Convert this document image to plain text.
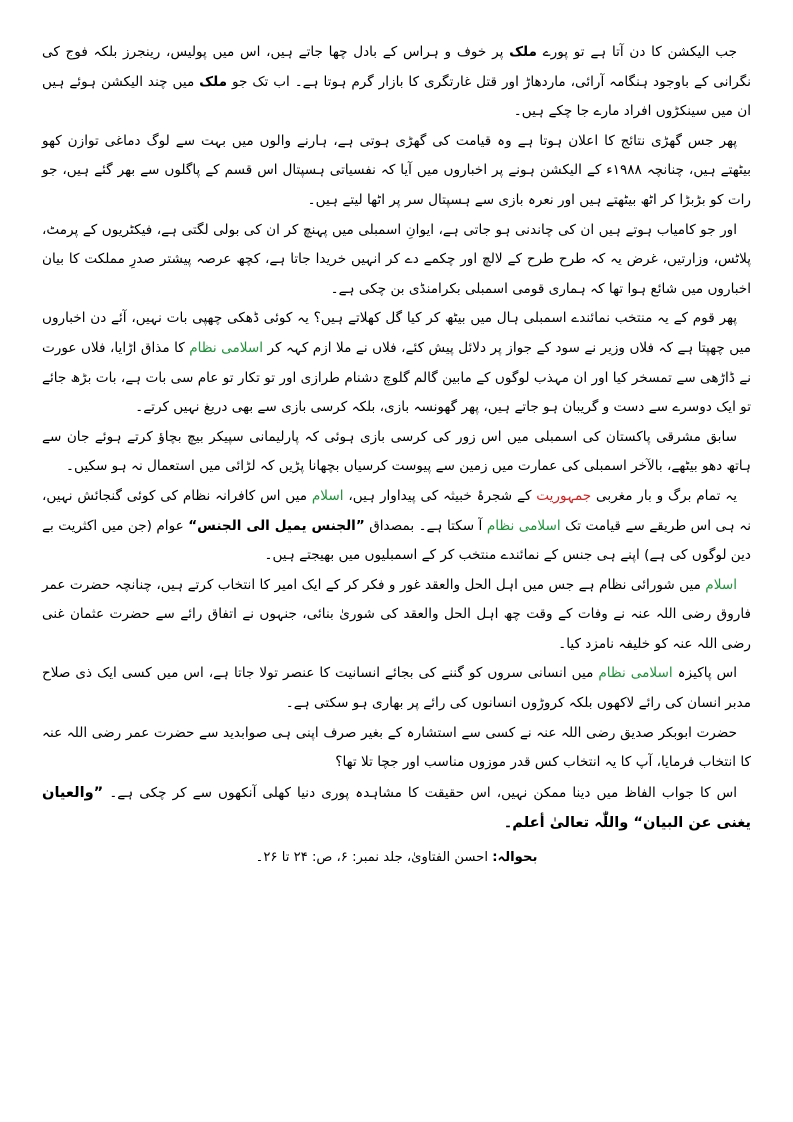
جب الیکشن کا دن آتا ہے تو پورے ملک پر خوف و ہراس کے بادل چھا جاتے ہیں، اس میں پولیس، رینجرز بلکہ فوج کی نگرانی کے باوجود ہنگامہ آرائی، ماردھاڑ اور قتل غارتگری کا بازار گرم ہوتا ہے۔ اب تک جو ملک میں چند الیکشن ہوئے ہیں ان میں سینکڑوں افراد مارے جا چکے ہیں۔

پھر جس گھڑی نتائج کا اعلان ہوتا ہے وہ قیامت کی گھڑی ہوتی ہے، ہارنے والوں میں بہت سے لوگ دماغی توازن کھو بیٹھتے ہیں، چنانچہ ۱۹۸۸ء کے الیکشن ہونے پر اخباروں میں آیا کہ نفسیاتی ہسپتال اس قسم کے پاگلوں سے بھر گئے ہیں، جو رات کو بڑبڑا کر اٹھ بیٹھتے ہیں اور نعرہ بازی سے ہسپتال سر پر اٹھا لیتے ہیں۔

اور جو کامیاب ہوتے ہیں ان کی چاندنی ہو جاتی ہے، ایوانِ اسمبلی میں پہنچ کر ان کی بولی لگتی ہے، فیکٹریوں کے پرمٹ، پلاٹس، وزارتیں، غرض یہ کہ طرح طرح کے لالچ اور چکمے دے کر انہیں خریدا جاتا ہے، کچھ عرصہ پیشتر صدرِ مملکت کا بیان اخباروں میں شائع ہوا تھا کہ ہماری قومی اسمبلی بکرامنڈی بن چکی ہے۔

پھر قوم کے یہ منتخب نمائندے اسمبلی ہال میں بیٹھ کر کیا گل کھلاتے ہیں؟ یہ کوئی ڈھکی چھپی بات نہیں، آئے دن اخباروں میں چھپتا ہے کہ فلاں وزیر نے سود کے جواز پر دلائل پیش کئے، فلاں نے ملا ازم کہہ کر اسلامی نظام کا مذاق اڑایا، فلاں عورت نے ڈاڑھی سے تمسخر کیا اور ان مہذب لوگوں کے مابین گالم گلوچ دشنام طرازی اور تو تکار تو عام سی بات ہے، بات بڑھ جائے تو ایک دوسرے سے دست و گریبان ہو جاتے ہیں، پھر گھونسہ بازی، بلکہ کرسی بازی سے بھی دریغ نہیں کرتے۔

سابق مشرقی پاکستان کی اسمبلی میں اس زور کی کرسی بازی ہوئی کہ پارلیمانی سپیکر بیچ بچاؤ کرتے ہوئے جان سے ہاتھ دھو بیٹھے، بالآخر اسمبلی کی عمارت میں زمین سے پیوست کرسیاں بچھانا پڑیں کہ لڑائی میں استعمال نہ ہو سکیں۔

یہ تمام برگ و بار مغربی جمہوریت کے شجرۂ خبیثہ کی پیداوار ہیں، اسلام میں اس کافرانہ نظام کی کوئی گنجائش نہیں، نہ ہی اس طریقے سے قیامت تک اسلامی نظام آ سکتا ہے۔ بمصداق ”الجنس یمیل الی الجنس“ عوام (جن میں اکثریت بے دین لوگوں کی ہے) اپنے ہی جنس کے نمائندے منتخب کر کے اسمبلیوں میں بھیجتے ہیں۔

اسلام میں شورائی نظام ہے جس میں اہل الحل والعقد غور و فکر کر کے ایک امیر کا انتخاب کرتے ہیں، چنانچہ حضرت عمر فاروق رضی اللہ عنہ نے وفات کے وقت چھ اہل الحل والعقد کی شوریٰ بنائی، جنہوں نے اتفاق رائے سے حضرت عثمان غنی رضی اللہ عنہ کو خلیفہ نامزد کیا۔

اس پاکیزہ اسلامی نظام میں انسانی سروں کو گننے کی بجائے انسانیت کا عنصر تولا جاتا ہے، اس میں کسی ایک ذی صلاح مدبر انسان کی رائے لاکھوں بلکہ کروڑوں انسانوں کی رائے پر بھاری ہو سکتی ہے۔

حضرت ابوبکر صدیق رضی اللہ عنہ نے کسی سے استشارہ کے بغیر صرف اپنی ہی صوابدید سے حضرت عمر رضی اللہ عنہ کا انتخاب فرمایا، آپ کا یہ انتخاب کس قدر موزوں مناسب اور جچا تلا تھا؟

اس کا جواب الفاظ میں دینا ممکن نہیں، اس حقیقت کا مشاہدہ پوری دنیا کھلی آنکھوں سے کر چکی ہے۔ ”والعیان یغنی عن البیان“ واللّٰہ تعالیٰ أعلم۔

بحوالہ: احسن الفتاویٰ، جلد نمبر: ۶، ص: ۲۴ تا ۲۶۔
